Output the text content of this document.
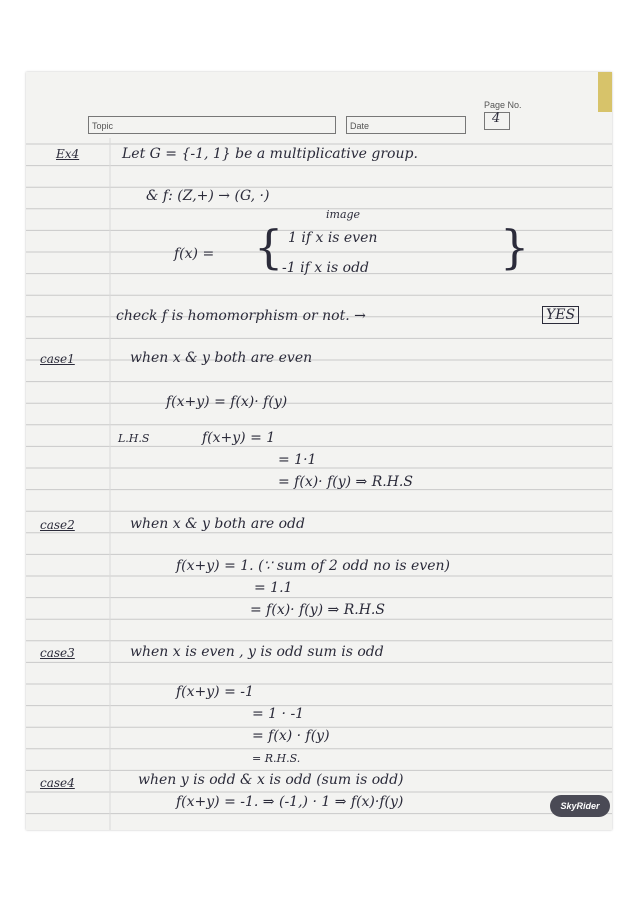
Page No.
4
Topic	Date
Ex4	Let G = {-1, 1} be a multiplicative group.
& f: (Z,+) → (G, ·)
image
f(x) = { 1 if x is even
-1 if x is odd	}
check f is homomorphism or not. →	YES
case1	when x & y both are even
f(x+y) = f(x)· f(y)
L.H.S	f(x+y) = 1
= 1·1
= f(x)· f(y) ⇒ R.H.S
case2	when x & y both are odd
f(x+y) = 1. (∵ sum of 2 odd no is even)
= 1.1
= f(x)· f(y) ⇒ R.H.S
case3	when x is even , y is odd sum is odd
f(x+y) = -1
= 1 · -1
= f(x) · f(y)
= R.H.S.
case4	when y is odd & x is odd (sum is odd)
f(x+y) = -1. ⇒ (-1,) · 1 ⇒ f(x)·f(y)	SkyRider
